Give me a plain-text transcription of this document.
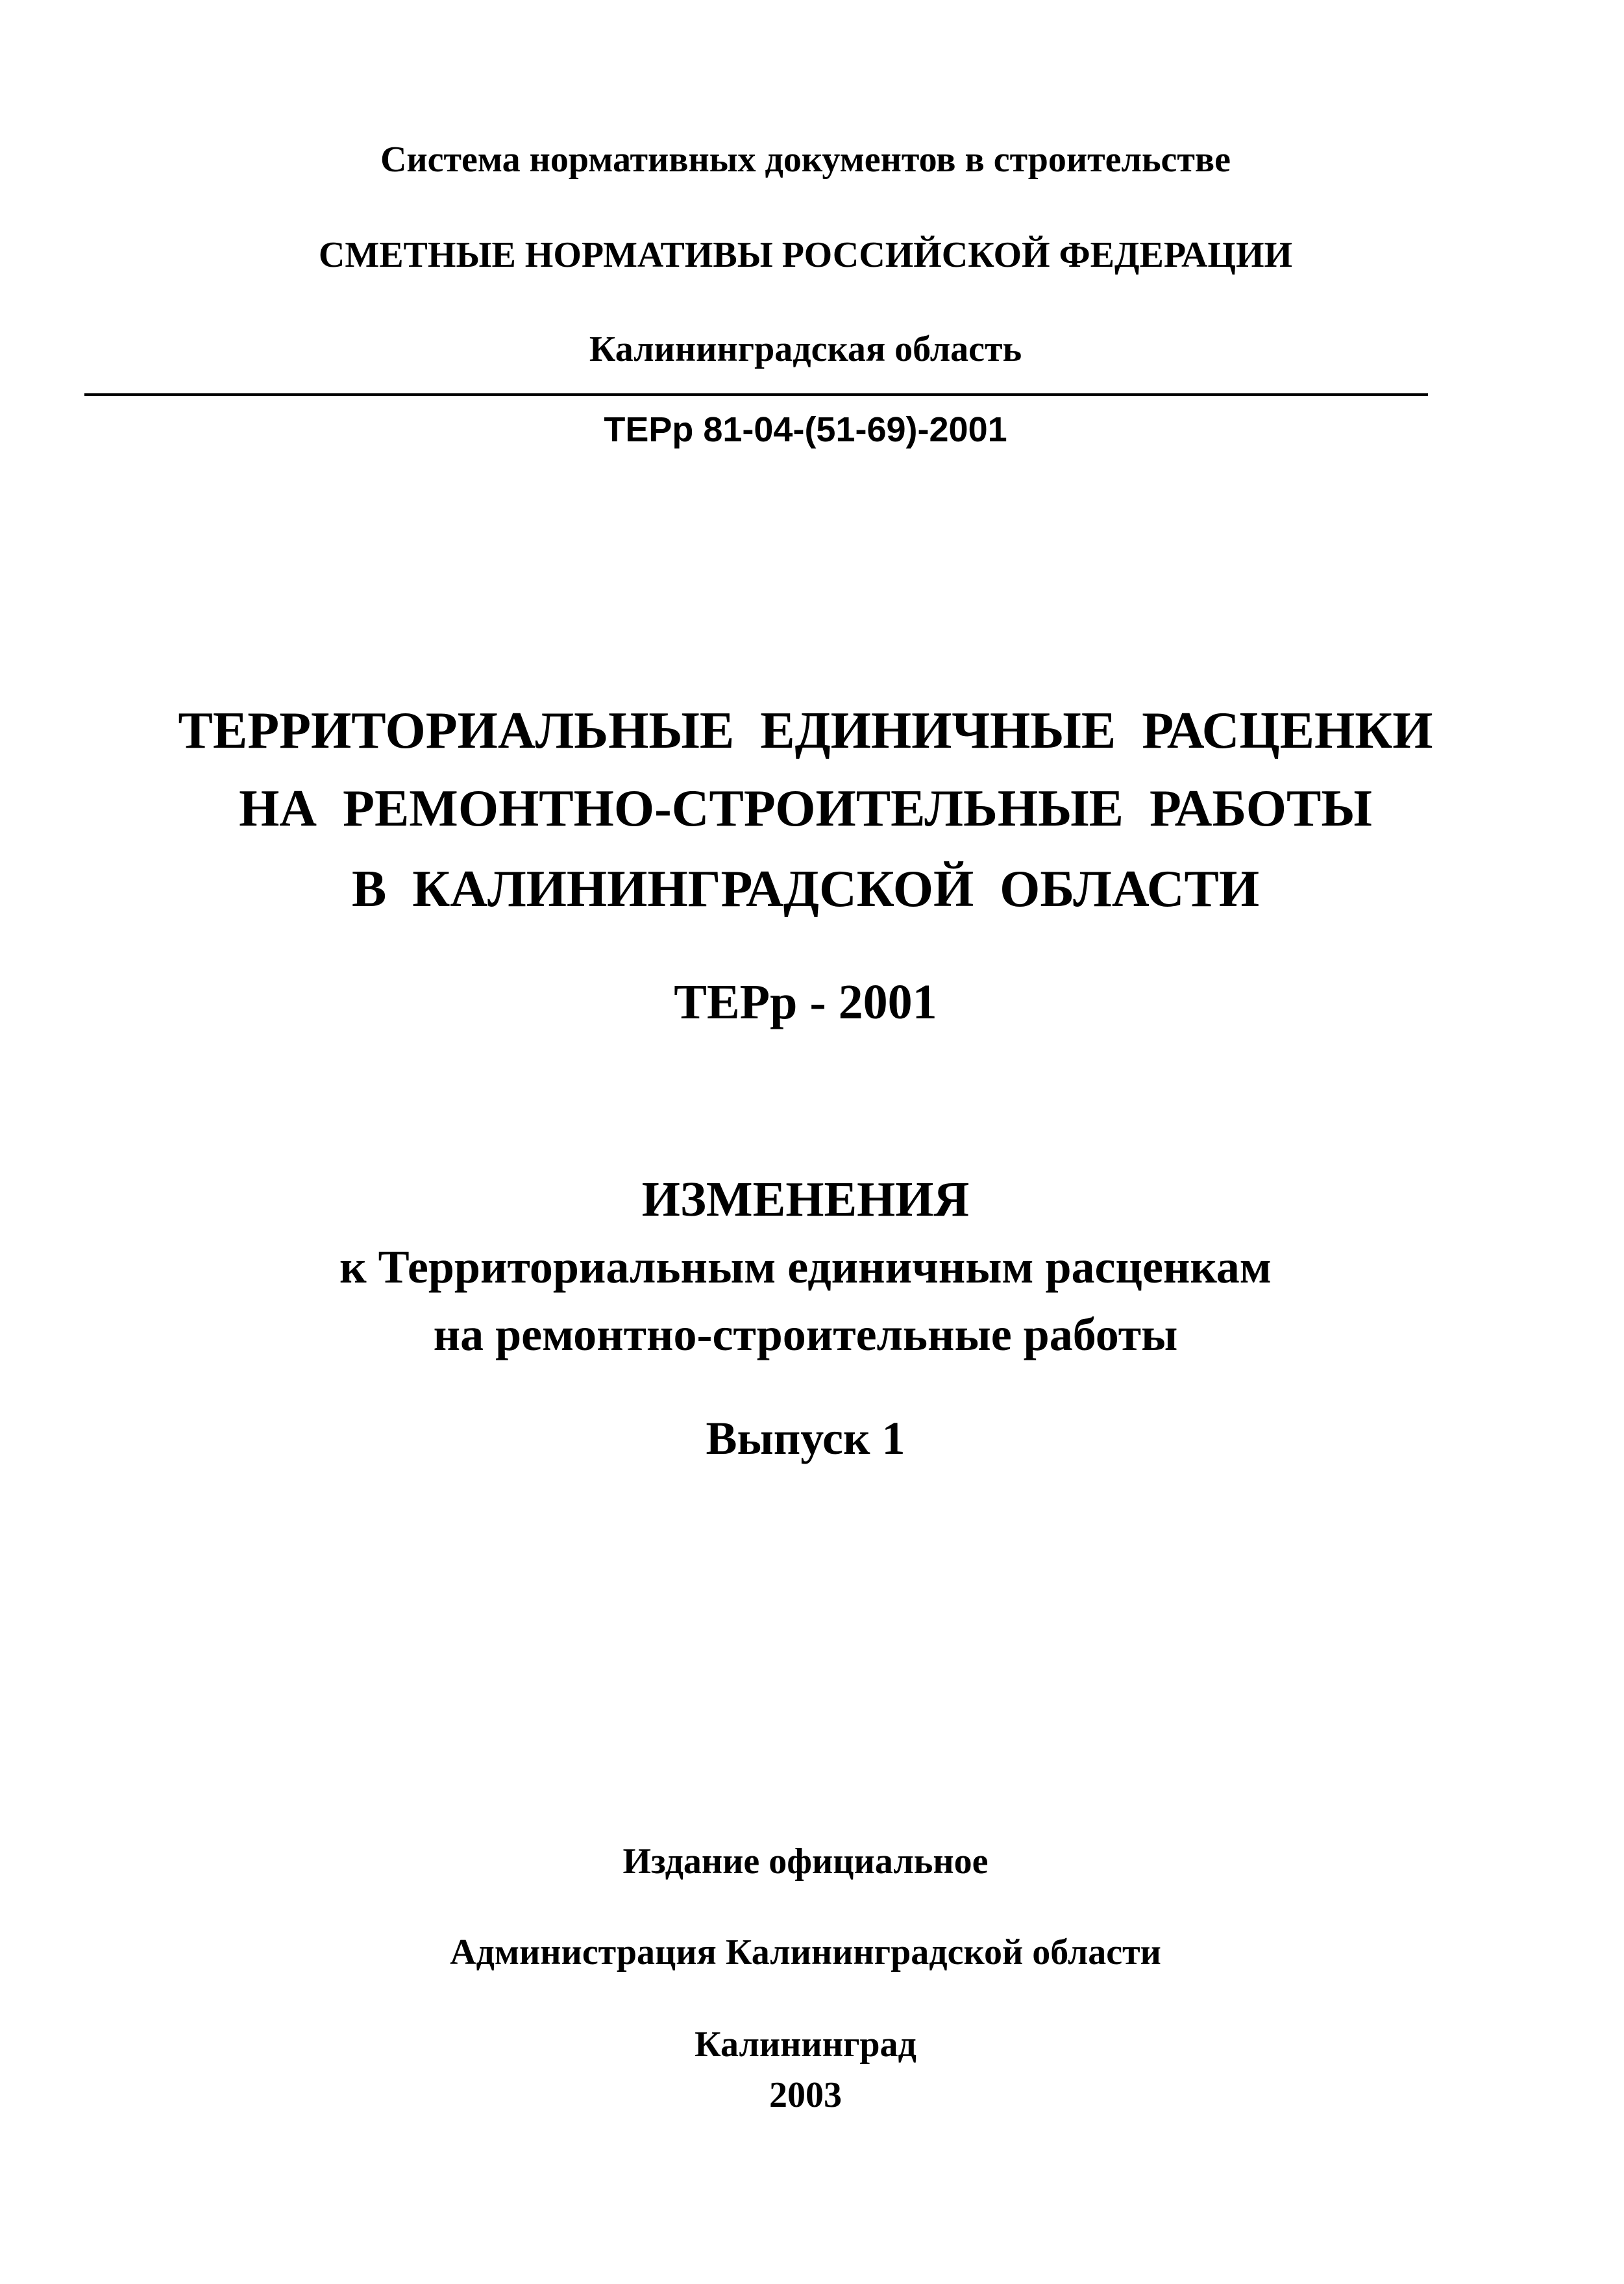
Система нормативных документов в строительстве
СМЕТНЫЕ НОРМАТИВЫ РОССИЙСКОЙ ФЕДЕРАЦИИ
Калининградская область
ТЕРр 81-04-(51-69)-2001
ТЕРРИТОРИАЛЬНЫЕ ЕДИНИЧНЫЕ РАСЦЕНКИ
НА РЕМОНТНО-СТРОИТЕЛЬНЫЕ РАБОТЫ
В КАЛИНИНГРАДСКОЙ ОБЛАСТИ
ТЕРр - 2001
ИЗМЕНЕНИЯ
к Территориальным единичным расценкам
на ремонтно-строительные работы
Выпуск 1
Издание официальное
Администрация Калининградской области
Калининград
2003
